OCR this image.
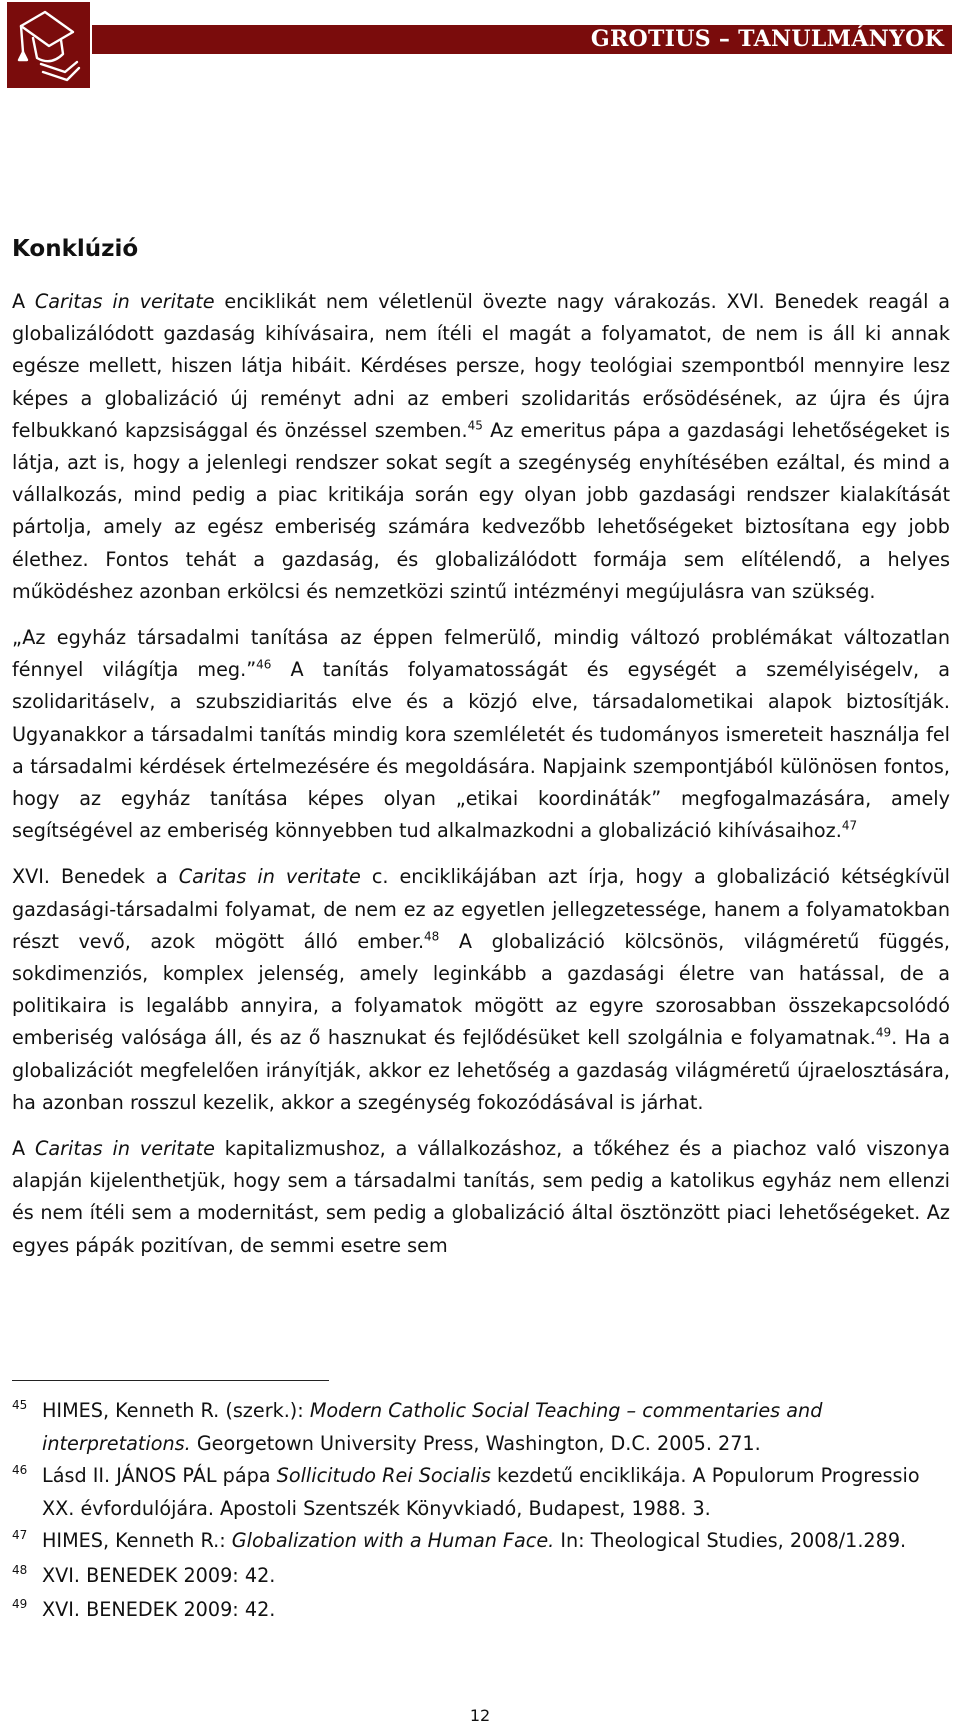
GROTIUS – TANULMÁNYOK
Konklúzió

A Caritas in veritate enciklikát nem véletlenül övezte nagy várakozás. XVI. Benedek reagál a globalizálódott gazdaság kihívásaira, nem ítéli el magát a folyamatot, de nem is áll ki annak egésze mellett, hiszen látja hibáit. Kérdéses persze, hogy teológiai szempontból mennyire lesz képes a globalizáció új reményt adni az emberi szolidaritás erősödésének, az újra és újra felbukkanó kapzsisággal és önzéssel szemben.$^{45}$ Az emeritus pápa a gazdasági lehetőségeket is látja, azt is, hogy a jelenlegi rendszer sokat segít a szegénység enyhítésében ezáltal, és mind a vállalkozás, mind pedig a piac kritikája során egy olyan jobb gazdasági rendszer kialakítását pártolja, amely az egész emberiség számára kedvezőbb lehetőségeket biztosítana egy jobb élethez. Fontos tehát a gazdaság, és globalizálódott formája sem elítélendő, a helyes működéshez azonban erkölcsi és nemzetközi szintű intézményi megújulásra van szükség.

„Az egyház társadalmi tanítása az éppen felmerülő, mindig változó problémákat változatlan fénnyel világítja meg.”$^{46}$ A tanítás folyamatosságát és egységét a személyiségelv, a szolidaritáselv, a szubszidiaritás elve és a közjó elve, társadalometikai alapok biztosítják. Ugyanakkor a társadalmi tanítás mindig kora szemléletét és tudományos ismereteit használja fel a társadalmi kérdések értelmezésére és megoldására. Napjaink szempontjából különösen fontos, hogy az egyház tanítása képes olyan „etikai koordináták” megfogalmazására, amely segítségével az emberiség könnyebben tud alkalmazkodni a globalizáció kihívásaihoz.$^{47}$

XVI. Benedek a Caritas in veritate c. enciklikájában azt írja, hogy a globalizáció kétségkívül gazdasági-társadalmi folyamat, de nem ez az egyetlen jellegzetessége, hanem a folyamatokban részt vevő, azok mögött álló ember.$^{48}$ A globalizáció kölcsönös, világméretű függés, sokdimenziós, komplex jelenség, amely leginkább a gazdasági életre van hatással, de a politikaira is legalább annyira, a folyamatok mögött az egyre szorosabban összekapcsolódó emberiség valósága áll, és az ő hasznukat és fejlődésüket kell szolgálnia e folyamatnak.$^{49}$. Ha a globalizációt megfelelően irányítják, akkor ez lehetőség a gazdaság világméretű újraelosztására, ha azonban rosszul kezelik, akkor a szegénység fokozódásával is járhat.

A Caritas in veritate kapitalizmushoz, a vállalkozáshoz, a tőkéhez és a piachoz való viszonya alapján kijelenthetjük, hogy sem a társadalmi tanítás, sem pedig a katolikus egyház nem ellenzi és nem ítéli sem a modernitást, sem pedig a globalizáció által ösztönzött piaci lehetőségeket. Az egyes pápák pozitívan, de semmi esetre sem

$^{45}$ HIMES, Kenneth R. (szerk.): Modern Catholic Social Teaching – commentaries and interpretations. Georgetown University Press, Washington, D.C. 2005. 271.
$^{46}$ Lásd II. JÁNOS PÁL pápa Sollicitudo Rei Socialis kezdetű enciklikája. A Populorum Progressio XX. évfordulójára. Apostoli Szentszék Könyvkiadó, Budapest, 1988. 3.
$^{47}$ HIMES, Kenneth R.: Globalization with a Human Face. In: Theological Studies, 2008/1.289.
$^{48}$ XVI. BENEDEK 2009: 42.
$^{49}$ XVI. BENEDEK 2009: 42.
12
